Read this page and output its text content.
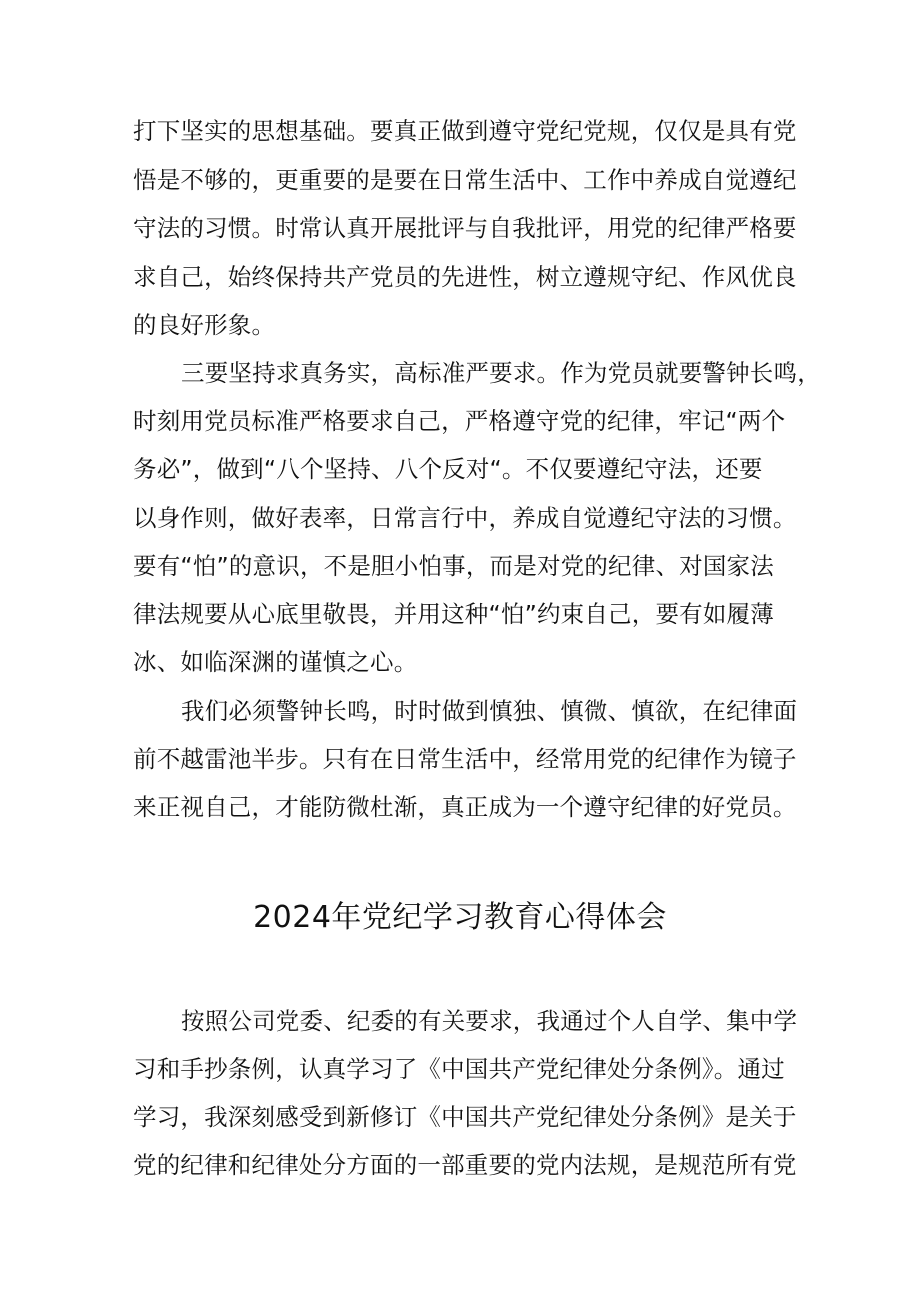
打下坚实的思想基础。要真正做到遵守党纪党规，仅仅是具有党
悟是不够的，更重要的是要在日常生活中、工作中养成自觉遵纪
守法的习惯。时常认真开展批评与自我批评，用党的纪律严格要
求自己，始终保持共产党员的先进性，树立遵规守纪、作风优良
的良好形象。
三要坚持求真务实，高标准严要求。作为党员就要警钟长鸣，
时刻用党员标准严格要求自己，严格遵守党的纪律，牢记“两个
务必”，做到“八个坚持、八个反对“。不仅要遵纪守法，还要
以身作则，做好表率，日常言行中，养成自觉遵纪守法的习惯。
要有“怕”的意识，不是胆小怕事，而是对党的纪律、对国家法
律法规要从心底里敬畏，并用这种“怕”约束自己，要有如履薄
冰、如临深渊的谨慎之心。
我们必须警钟长鸣，时时做到慎独、慎微、慎欲，在纪律面
前不越雷池半步。只有在日常生活中，经常用党的纪律作为镜子
来正视自己，才能防微杜渐，真正成为一个遵守纪律的好党员。
2024年党纪学习教育心得体会
按照公司党委、纪委的有关要求，我通过个人自学、集中学
习和手抄条例，认真学习了《中国共产党纪律处分条例》。通过
学习，我深刻感受到新修订《中国共产党纪律处分条例》是关于
党的纪律和纪律处分方面的一部重要的党内法规，是规范所有党
